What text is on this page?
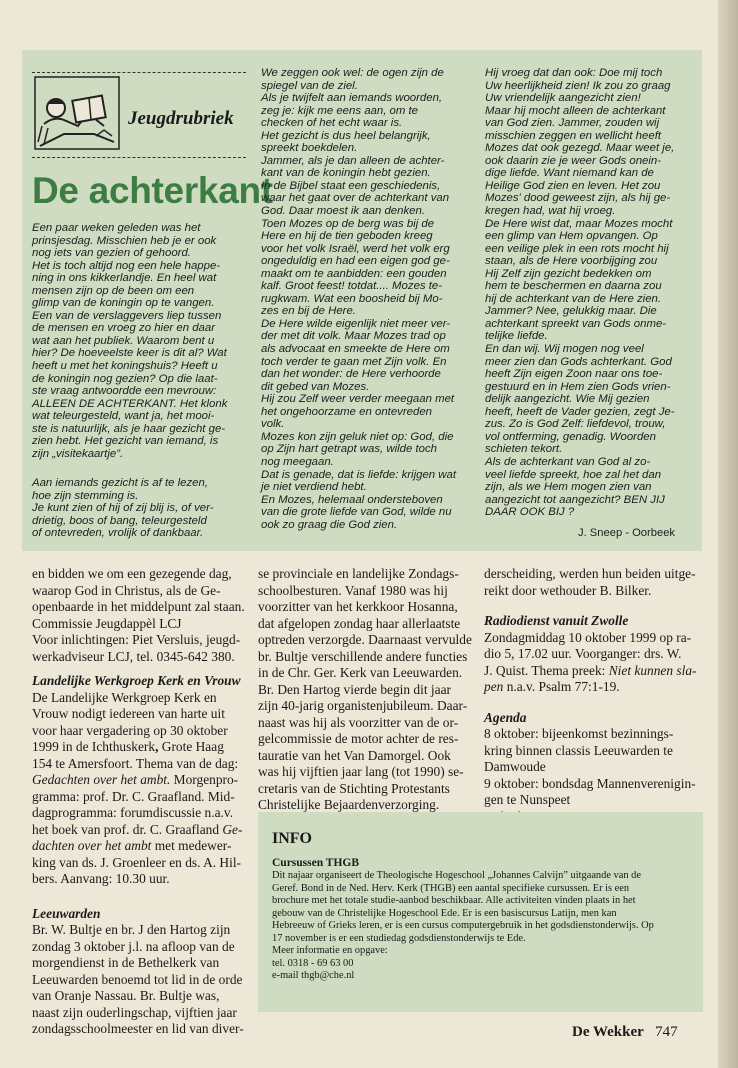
Jeugdrubriek
De achterkant
Een paar weken geleden was het
prinsjesdag. Misschien heb je er ook
nog iets van gezien of gehoord.
Het is toch altijd nog een hele happe-
ning in ons kikkerlandje. En heel wat
mensen zijn op de been om een
glimp van de koningin op te vangen.
Een van de verslaggevers liep tussen
de mensen en vroeg zo hier en daar
wat aan het publiek. Waarom bent u
hier? De hoeveelste keer is dit al? Wat
heeft u met het koningshuis? Heeft u
de koningin nog gezien? Op die laat-
ste vraag antwoordde een mevrouw:
ALLEEN DE ACHTERKANT. Het klonk
wat teleurgesteld, want ja, het mooi-
ste is natuurlijk, als je haar gezicht ge-
zien hebt. Het gezicht van iemand, is
zijn „visitekaartje”.
Aan iemands gezicht is af te lezen,
hoe zijn stemming is.
Je kunt zien of hij of zij blij is, of ver-
drietig, boos of bang, teleurgesteld
of ontevreden, vrolijk of dankbaar.
We zeggen ook wel: de ogen zijn de
spiegel van de ziel.
Als je twijfelt aan iemands woorden,
zeg je: kijk me eens aan, om te
checken of het echt waar is.
Het gezicht is dus heel belangrijk,
spreekt boekdelen.
Jammer, als je dan alleen de achter-
kant van de koningin hebt gezien.
In de Bijbel staat een geschiedenis,
waar het gaat over de achterkant van
God. Daar moest ik aan denken.
Toen Mozes op de berg was bij de
Here en hij de tien geboden kreeg
voor het volk Israël, werd het volk erg
ongeduldig en had een eigen god ge-
maakt om te aanbidden: een gouden
kalf. Groot feest! totdat.... Mozes te-
rugkwam. Wat een boosheid bij Mo-
zes en bij de Here.
De Here wilde eigenlijk niet meer ver-
der met dit volk. Maar Mozes trad op
als advocaat en smeekte de Here om
toch verder te gaan met Zijn volk. En
dan het wonder: de Here verhoorde
dit gebed van Mozes.
Hij zou Zelf weer verder meegaan met
het ongehoorzame en ontevreden
volk.
Mozes kon zijn geluk niet op: God, die
op Zijn hart getrapt was, wilde toch
nog meegaan.
Dat is genade, dat is liefde: krijgen wat
je niet verdiend hebt.
En Mozes, helemaal ondersteboven
van die grote liefde van God, wilde nu
ook zo graag die God zien.
Hij vroeg dat dan ook: Doe mij toch
Uw heerlijkheid zien! Ik zou zo graag
Uw vriendelijk aangezicht zien!
Maar hij mocht alleen de achterkant
van God zien. Jammer, zouden wij
misschien zeggen en wellicht heeft
Mozes dat ook gezegd. Maar weet je,
ook daarin zie je weer Gods onein-
dige liefde. Want niemand kan de
Heilige God zien en leven. Het zou
Mozes' dood geweest zijn, als hij ge-
kregen had, wat hij vroeg.
De Here wist dat, maar Mozes mocht
een glimp van Hem opvangen. Op
een veilige plek in een rots mocht hij
staan, als de Here voorbijging zou
Hij Zelf zijn gezicht bedekken om
hem te beschermen en daarna zou
hij de achterkant van de Here zien.
Jammer? Nee, gelukkig maar. Die
achterkant spreekt van Gods onme-
telijke liefde.
En dan wij. Wij mogen nog veel
meer zien dan Gods achterkant. God
heeft Zijn eigen Zoon naar ons toe-
gestuurd en in Hem zien Gods vrien-
delijk aangezicht. Wie Mij gezien
heeft, heeft de Vader gezien, zegt Je-
zus. Zo is God Zelf: liefdevol, trouw,
vol ontferming, genadig. Woorden
schieten tekort.
Als de achterkant van God al zo-
veel liefde spreekt, hoe zal het dan
zijn, als we Hem mogen zien van
aangezicht tot aangezicht? BEN JIJ
DAAR OOK BIJ ?
J. Sneep - Oorbeek

en bidden we om een gezegende dag,
waarop God in Christus, als de Ge-
openbaarde in het middelpunt zal staan.
Commissie Jeugdappèl LCJ
Voor inlichtingen: Piet Versluis, jeugd-
werkadviseur LCJ, tel. 0345-642 380.

Landelijke Werkgroep Kerk en Vrouw

De Landelijke Werkgroep Kerk en
Vrouw nodigt iedereen van harte uit
voor haar vergadering op 30 oktober
1999 in de Ichthuskerk, Grote Haag
154 te Amersfoort. Thema van de dag:
Gedachten over het ambt. Morgenpro-
gramma: prof. Dr. C. Graafland. Mid-
dagprogramma: forumdiscussie n.a.v.
het boek van prof. dr. C. Graafland Ge-
dachten over het ambt met medewer-
king van ds. J. Groenleer en ds. A. Hil-
bers. Aanvang: 10.30 uur.

Leeuwarden

Br. W. Bultje en br. J den Hartog zijn
zondag 3 oktober j.l. na afloop van de
morgendienst in de Bethelkerk van
Leeuwarden benoemd tot lid in de orde
van Oranje Nassau. Br. Bultje was,
naast zijn ouderlingschap, vijftien jaar
zondagsschoolmeester en lid van diver-

se provinciale en landelijke Zondags-
schoolbesturen. Vanaf 1980 was hij
voorzitter van het kerkkoor Hosanna,
dat afgelopen zondag haar allerlaatste
optreden verzorgde. Daarnaast vervulde
br. Bultje verschillende andere functies
in de Chr. Ger. Kerk van Leeuwarden.
Br. Den Hartog vierde begin dit jaar
zijn 40-jarig organistenjubileum. Daar-
naast was hij als voorzitter van de or-
gelcommissie de motor achter de res-
tauratie van het Van Damorgel. Ook
was hij vijftien jaar lang (tot 1990) se-
cretaris van de Stichting Protestants
Christelijke Bejaardenverzorging.

derscheiding, werden hun beiden uitge-
reikt door wethouder B. Bilker.

Radiodienst vanuit Zwolle

Zondagmiddag 10 oktober 1999 op ra-
dio 5, 17.02 uur. Voorganger: drs. W.
J. Quist. Thema preek: Niet kunnen sla-
pen n.a.v. Psalm 77:1-19.

Agenda

8 oktober: bijeenkomst bezinnings-
kring binnen classis Leeuwarden te
Damwoude
9 oktober: bondsdag Mannenverenigin-
gen te Nunspeet

INFO
Cursussen THGB
Dit najaar organiseert de Theologische Hogeschool „Johannes Calvijn” uitgaande van de
Geref. Bond in de Ned. Herv. Kerk (THGB) een aantal specifieke cursussen. Er is een
brochure met het totale studie-aanbod beschikbaar. Alle activiteiten vinden plaats in het
gebouw van de Christelijke Hogeschool Ede. Er is een basiscursus Latijn, men kan
Hebreeuw of Grieks leren, er is een cursus computergebruik in het godsdienstonderwijs. Op
17 november is er een studiedag godsdienstonderwijs te Ede.
Meer informatie en opgave:
tel. 0318 - 69 63 00
e-mail thgb@che.nl
De Wekker 747
